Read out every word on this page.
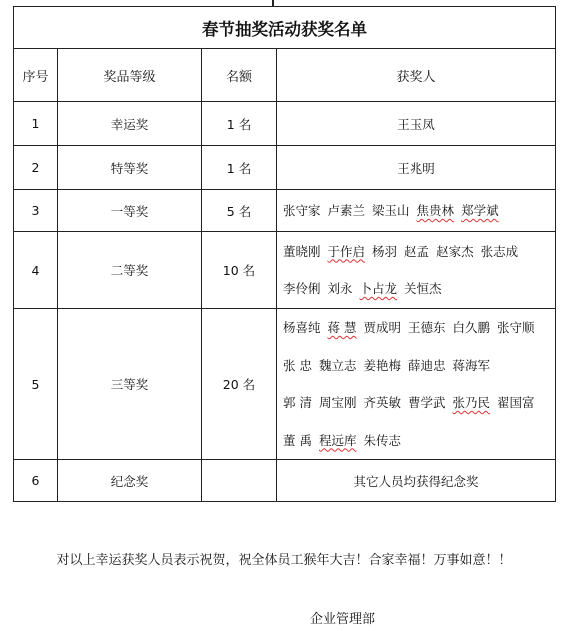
春节抽奖活动获奖名单			
序号	奖品等级	名额	获奖人
1	幸运奖	1 名	王玉凤
2	特等奖	1 名	王兆明
3	一等奖	5 名	张守家 卢素兰 梁玉山 焦贵林 郑学斌

4	二等奖	10 名	董晓刚 于作启 杨羽 赵孟 赵家杰 张志成
李伶俐 刘永 卜占龙 关恒杰

5	三等奖	20 名	杨喜纯 蒋 慧 贾成明 王德东 白久鹏 张守顺
张 忠 魏立志 姜艳梅 薛迪忠 蒋海军
郭 清 周宝刚 齐英敏 曹学武 张乃民 翟国富
董 禹 程远库 朱传志

6	纪念奖		其它人员均获得纪念奖
对以上幸运获奖人员表示祝贺，祝全体员工猴年大吉！合家幸福！万事如意！！
企业管理部
